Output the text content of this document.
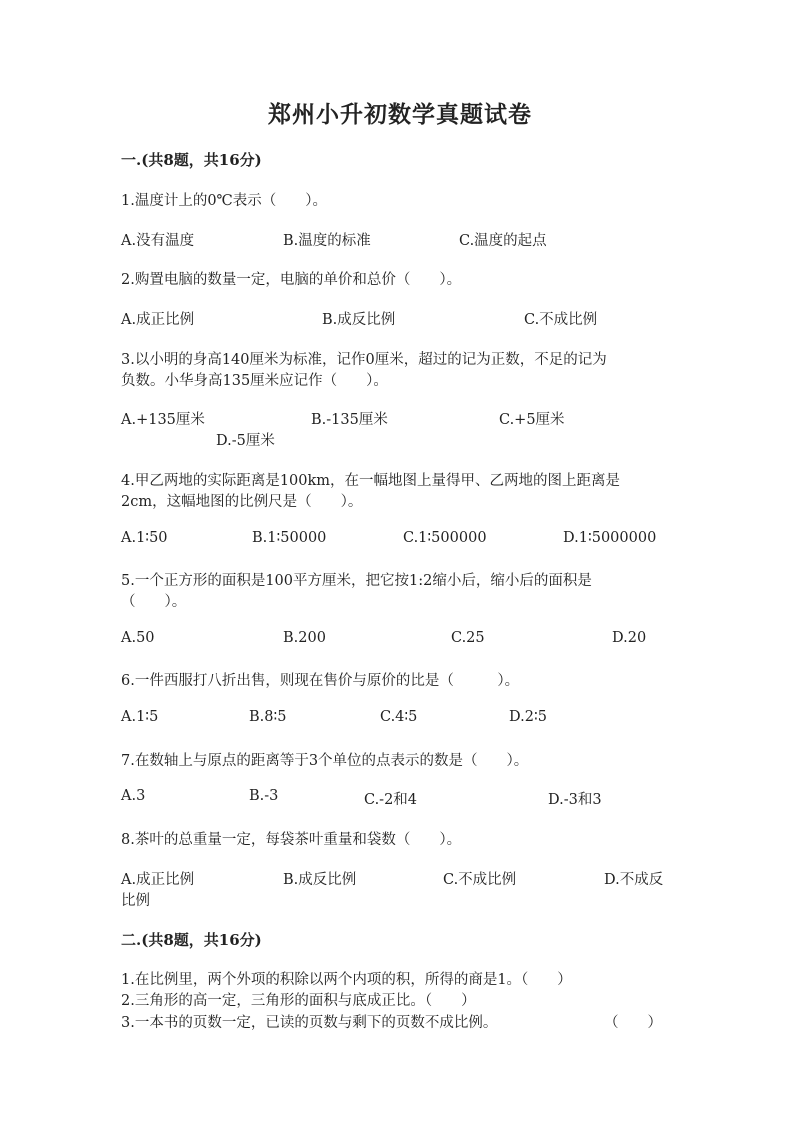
郑州小升初数学真题试卷
一.(共8题，共16分)
1.温度计上的0℃表示（　　）。
A.没有温度	B.温度的标准	C.温度的起点
2.购置电脑的数量一定，电脑的单价和总价（　　）。
A.成正比例	B.成反比例	C.不成比例
3.以小明的身高140厘米为标准，记作0厘米，超过的记为正数，不足的记为
负数。小华身高135厘米应记作（　　）。
A.+135厘米	B.-135厘米	C.+5厘米
D.-5厘米
4.甲乙两地的实际距离是100km，在一幅地图上量得甲、乙两地的图上距离是
2cm，这幅地图的比例尺是（　　）。
A.1∶50	B.1∶50000	C.1∶500000	D.1∶5000000
5.一个正方形的面积是100平方厘米，把它按1:2缩小后，缩小后的面积是
（　　）。
A.50	B.200	C.25	D.20
6.一件西服打八折出售，则现在售价与原价的比是（　　　）。
A.1∶5	B.8∶5	C.4∶5	D.2∶5
7.在数轴上与原点的距离等于3个单位的点表示的数是（　　）。
A.3	B.-3	C.-2和4	D.-3和3
8.茶叶的总重量一定，每袋茶叶重量和袋数（　　）。
A.成正比例	B.成反比例	C.不成比例	D.不成反
比例
二.(共8题，共16分)
1.在比例里，两个外项的积除以两个内项的积，所得的商是1。（　　）
2.三角形的高一定，三角形的面积与底成正比。（　　）
3.一本书的页数一定，已读的页数与剩下的页数不成比例。	（　　）
